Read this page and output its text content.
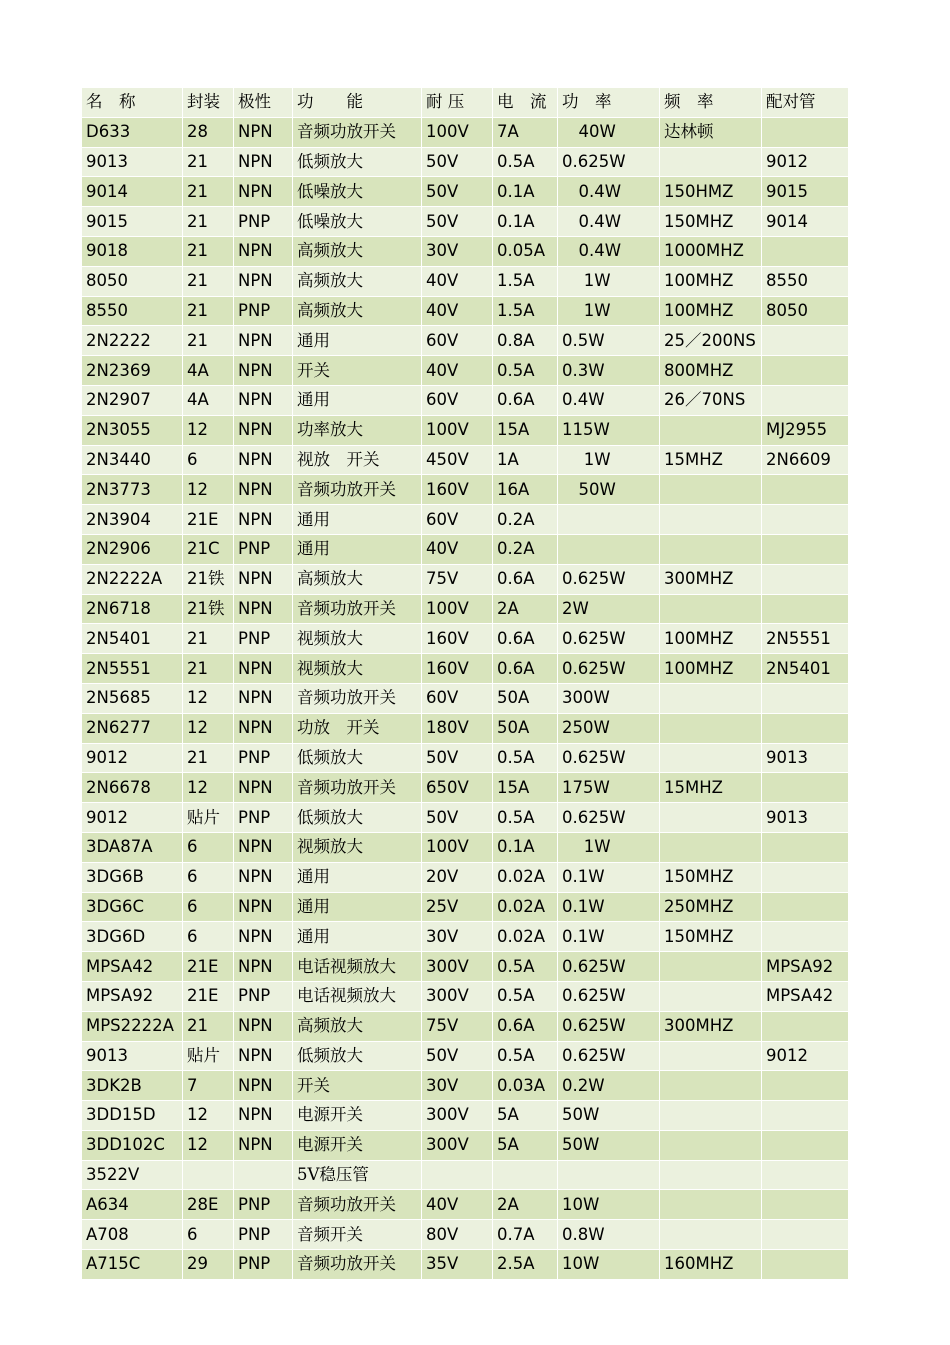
名　称	封装	极性	功　　能	耐 压	电　流	功　率	频　率	配对管
D633	28	NPN	音频功放开关	100V	7A	　40W	达林顿	
9013	21	NPN	低频放大	50V	0.5A	0.625W		9012
9014	21	NPN	低噪放大	50V	0.1A	　0.4W	150HMZ	9015
9015	21	PNP	低噪放大	50V	0.1A	　0.4W	150MHZ	9014
9018	21	NPN	高频放大	30V	0.05A	　0.4W	1000MHZ	
8050	21	NPN	高频放大	40V	1.5A	　 1W	100MHZ	8550
8550	21	PNP	高频放大	40V	1.5A	　 1W	100MHZ	8050
2N2222	21	NPN	通用	60V	0.8A	0.5W	25／200NS	
2N2369	4A	NPN	开关	40V	0.5A	0.3W	800MHZ	
2N2907	4A	NPN	通用	60V	0.6A	0.4W	26／70NS	
2N3055	12	NPN	功率放大	100V	15A	115W		MJ2955
2N3440	6	NPN	视放　开关	450V	1A	　 1W	15MHZ	2N6609
2N3773	12	NPN	音频功放开关	160V	16A	　50W		
2N3904	21E	NPN	通用	60V	0.2A			
2N2906	21C	PNP	通用	40V	0.2A			
2N2222A	21铁	NPN	高频放大	75V	0.6A	0.625W	300MHZ	
2N6718	21铁	NPN	音频功放开关	100V	2A	2W		
2N5401	21	PNP	视频放大	160V	0.6A	0.625W	100MHZ	2N5551
2N5551	21	NPN	视频放大	160V	0.6A	0.625W	100MHZ	2N5401
2N5685	12	NPN	音频功放开关	60V	50A	300W		
2N6277	12	NPN	功放　开关	180V	50A	250W		
9012	21	PNP	低频放大	50V	0.5A	0.625W		9013
2N6678	12	NPN	音频功放开关	650V	15A	175W	15MHZ	
9012	贴片	PNP	低频放大	50V	0.5A	0.625W		9013
3DA87A	6	NPN	视频放大	100V	0.1A	　 1W		
3DG6B	6	NPN	通用	20V	0.02A	0.1W	150MHZ	
3DG6C	6	NPN	通用	25V	0.02A	0.1W	250MHZ	
3DG6D	6	NPN	通用	30V	0.02A	0.1W	150MHZ	
MPSA42	21E	NPN	电话视频放大	300V	0.5A	0.625W		MPSA92
MPSA92	21E	PNP	电话视频放大	300V	0.5A	0.625W		MPSA42
MPS2222A	21	NPN	高频放大	75V	0.6A	0.625W	300MHZ	
9013	贴片	NPN	低频放大	50V	0.5A	0.625W		9012
3DK2B	7	NPN	开关	30V	0.03A	0.2W		
3DD15D	12	NPN	电源开关	300V	5A	50W		
3DD102C	12	NPN	电源开关	300V	5A	50W		
3522V			5V稳压管					
A634	28E	PNP	音频功放开关	40V	2A	10W		
A708	6	PNP	音频开关	80V	0.7A	0.8W		
A715C	29	PNP	音频功放开关	35V	2.5A	10W	160MHZ	
